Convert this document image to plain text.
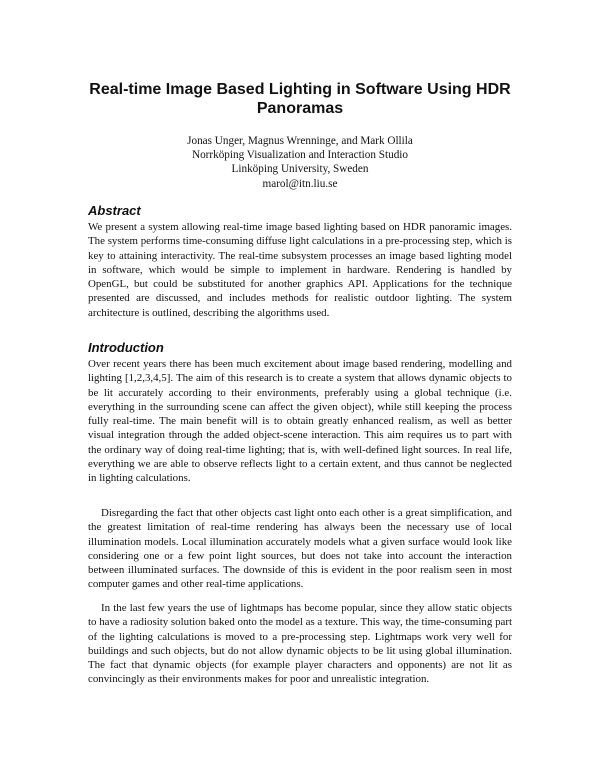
Real-time Image Based Lighting in Software Using HDR Panoramas
Jonas Unger, Magnus Wrenninge, and Mark Ollila
Norrköping Visualization and Interaction Studio
Linköping University, Sweden
marol@itn.liu.se
Abstract

We present a system allowing real-time image based lighting based on HDR panoramic images. The system performs time-consuming diffuse light calculations in a pre-processing step, which is key to attaining interactivity. The real-time subsystem processes an image based lighting model in software, which would be simple to implement in hardware. Rendering is handled by OpenGL, but could be substituted for another graphics API. Applications for the technique presented are discussed, and includes methods for realistic outdoor lighting. The system architecture is outlined, describing the algorithms used.

Introduction

Over recent years there has been much excitement about image based rendering, modelling and lighting [1,2,3,4,5]. The aim of this research is to create a system that allows dynamic objects to be lit accurately according to their environments, preferably using a global technique (i.e. everything in the surrounding scene can affect the given object), while still keeping the process fully real-time. The main benefit will is to obtain greatly enhanced realism, as well as better visual integration through the added object-scene interaction. This aim requires us to part with the ordinary way of doing real-time lighting; that is, with well-defined light sources. In real life, everything we are able to observe reflects light to a certain extent, and thus cannot be neglected in lighting calculations.

Disregarding the fact that other objects cast light onto each other is a great simplification, and the greatest limitation of real-time rendering has always been the necessary use of local illumination models. Local illumination accurately models what a given surface would look like considering one or a few point light sources, but does not take into account the interaction between illuminated surfaces. The downside of this is evident in the poor realism seen in most computer games and other real-time applications.

In the last few years the use of lightmaps has become popular, since they allow static objects to have a radiosity solution baked onto the model as a texture. This way, the time-consuming part of the lighting calculations is moved to a pre-processing step. Lightmaps work very well for buildings and such objects, but do not allow dynamic objects to be lit using global illumination. The fact that dynamic objects (for example player characters and opponents) are not lit as convincingly as their environments makes for poor and unrealistic integration.
